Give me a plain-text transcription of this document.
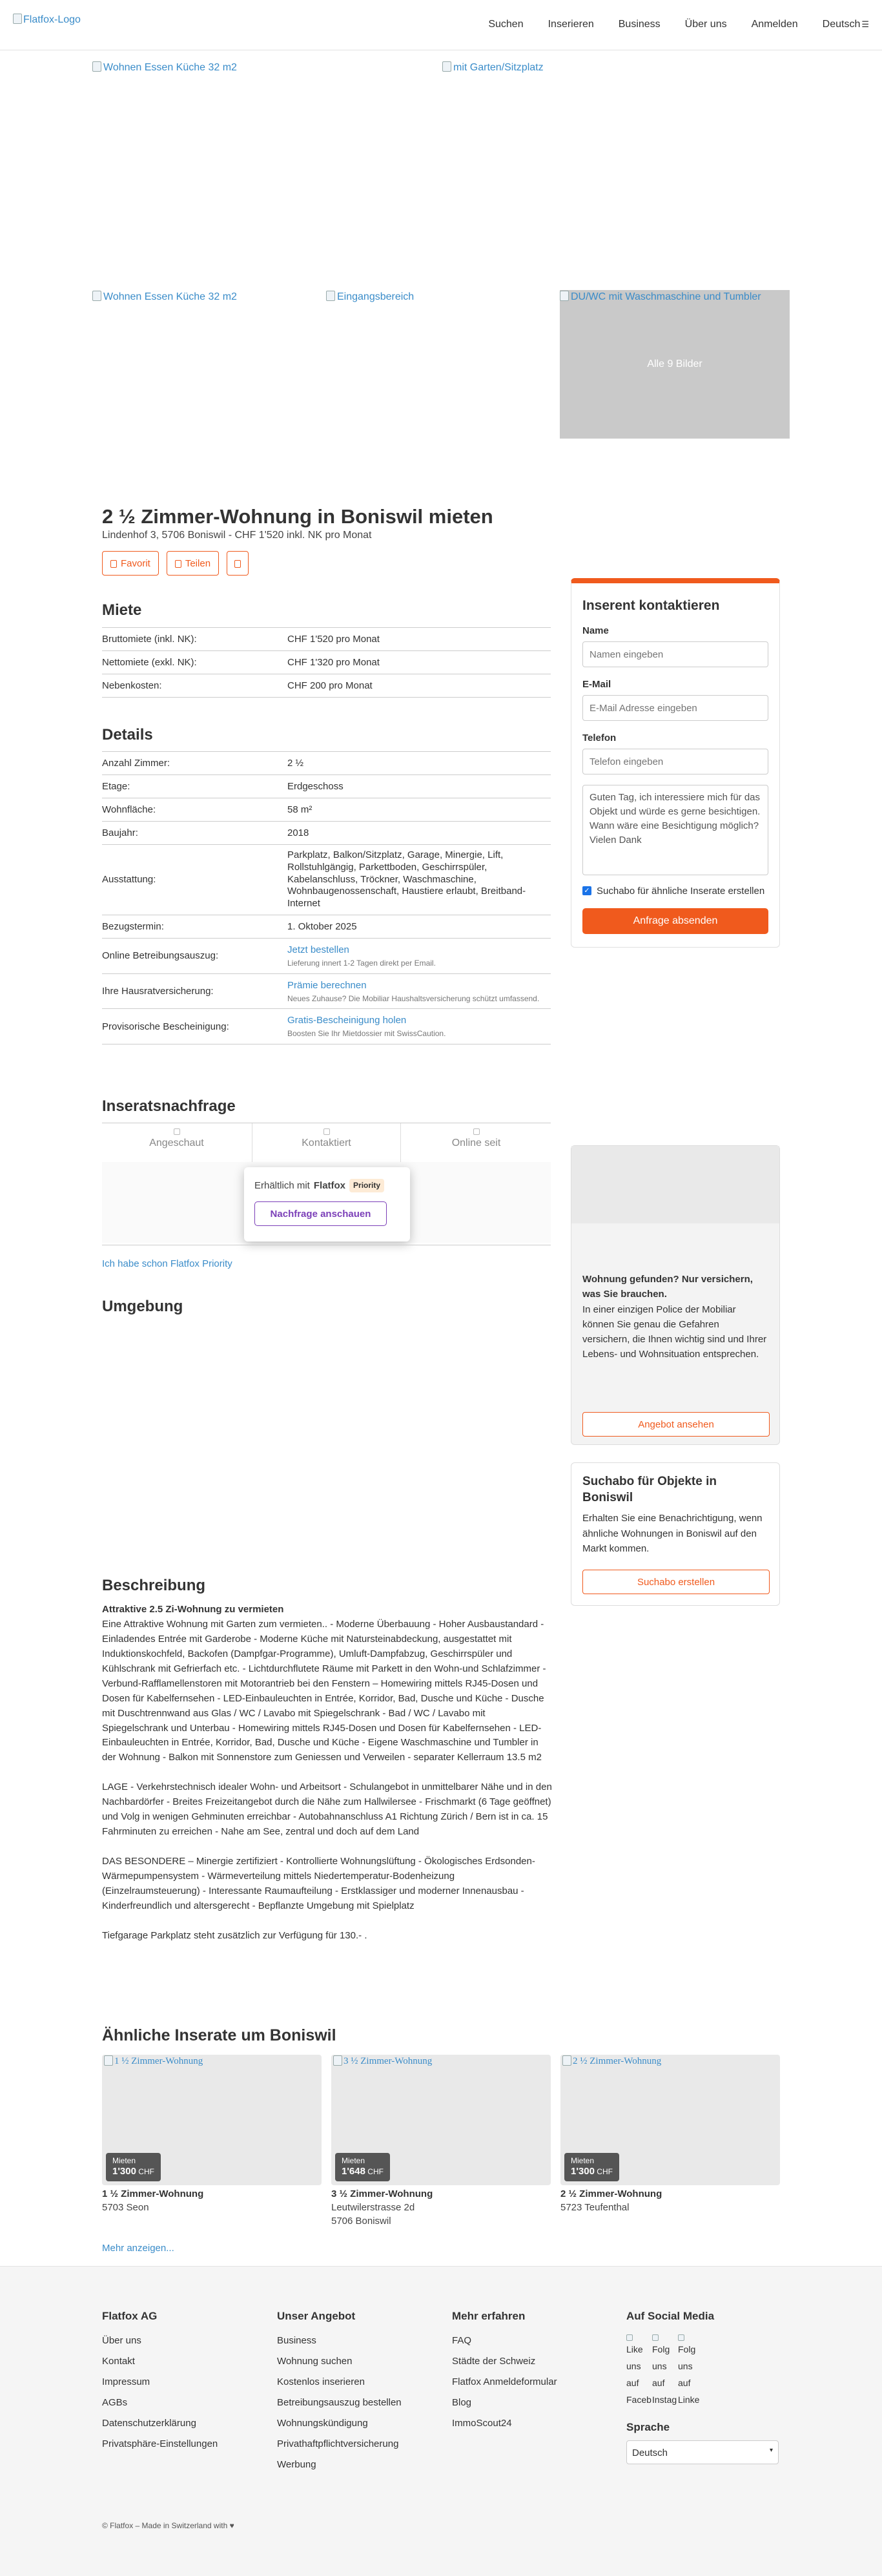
Flatfox-Logo	Suchen Inserieren Business Über uns Anmelden Deutsch ☰
Wohnen Essen Küche 32 m2	mit Garten/Sitzplatz
Wohnen Essen Küche 32 m2	Eingangsbereich	DU/WC mit Waschmaschine und Tumbler
Alle 9 Bilder
2 ½ Zimmer-Wohnung in Boniswil mieten
Lindenhof 3, 5706 Boniswil - CHF 1'520 inkl. NK pro Monat
Favorit	Teilen
Miete
Bruttomiete (inkl. NK):	CHF 1'520 pro Monat
Nettomiete (exkl. NK):	CHF 1'320 pro Monat
Nebenkosten:	CHF 200 pro Monat
Details
Anzahl Zimmer:	2 ½
Etage:	Erdgeschoss
Wohnfläche:	58 m²
Baujahr:	2018
Ausstattung:
Parkplatz, Balkon/Sitzplatz, Garage, Minergie, Lift, Rollstuhlgängig, Parkettboden, Geschirrspüler, Kabelanschluss, Tröckner, Waschmaschine, Wohnbaugenossenschaft, Haustiere erlaubt, Breitband-Internet
Bezugstermin:	1. Oktober 2025
Online Betreibungsauszug:
Jetzt bestellen
Lieferung innert 1-2 Tagen direkt per Email.
Ihre Hausratversicherung:
Prämie berechnen
Neues Zuhause? Die Mobiliar Haushaltsversicherung schützt umfassend.
Provisorische Bescheinigung:
Gratis-Bescheinigung holen
Boosten Sie Ihr Mietdossier mit SwissCaution.
Inserent kontaktieren
Name
Namen eingeben
E-Mail
E-Mail Adresse eingeben
Telefon
Telefon eingeben
Guten Tag, ich interessiere mich für das Objekt und würde es gerne besichtigen. Wann wäre eine Besichtigung möglich? Vielen Dank
✓ Suchabo für ähnliche Inserate erstellen
Anfrage absenden
Inseratsnachfrage
Angeschaut	Kontaktiert	Online seit
Erhältlich mit Flatfox	Priority
Nachfrage anschauen
Ich habe schon Flatfox Priority
Wohnung gefunden? Nur versichern, was Sie brauchen.
In einer einzigen Police der Mobiliar können Sie genau die Gefahren versichern, die Ihnen wichtig sind und Ihrer Lebens- und Wohnsituation entsprechen.
Angebot ansehen
Suchabo für Objekte in Boniswil

Erhalten Sie eine Benachrichtigung, wenn ähnliche Wohnungen in Boniswil auf den Markt kommen.

Suchabo erstellen
Umgebung
Beschreibung
Attraktive 2.5 Zi-Wohnung zu vermieten

Eine Attraktive Wohnung mit Garten zum vermieten.. - Moderne Überbauung - Hoher Ausbaustandard - Einladendes Entrée mit Garderobe - Moderne Küche mit Natursteinabdeckung, ausgestattet mit Induktionskochfeld, Backofen (Dampfgar-Programme), Umluft-Dampfabzug, Geschirrspüler und Kühlschrank mit Gefrierfach etc. - Lichtdurchflutete Räume mit Parkett in den Wohn-und Schlafzimmer - Verbund-Rafflamellenstoren mit Motorantrieb bei den Fenstern – Homewiring mittels RJ45-Dosen und Dosen für Kabelfernsehen - LED-Einbauleuchten in Entrée, Korridor, Bad, Dusche und Küche - Dusche mit Duschtrennwand aus Glas / WC / Lavabo mit Spiegelschrank - Bad / WC / Lavabo mit Spiegelschrank und Unterbau - Homewiring mittels RJ45-Dosen und Dosen für Kabelfernsehen - LED-Einbauleuchten in Entrée, Korridor, Bad, Dusche und Küche - Eigene Waschmaschine und Tumbler in der Wohnung - Balkon mit Sonnenstore zum Geniessen und Verweilen - separater Kellerraum 13.5 m2

LAGE - Verkehrstechnisch idealer Wohn- und Arbeitsort - Schulangebot in unmittelbarer Nähe und in den Nachbardörfer - Breites Freizeitangebot durch die Nähe zum Hallwilersee - Frischmarkt (6 Tage geöffnet) und Volg in wenigen Gehminuten erreichbar - Autobahnanschluss A1 Richtung Zürich / Bern ist in ca. 15 Fahrminuten zu erreichen - Nahe am See, zentral und doch auf dem Land

DAS BESONDERE – Minergie zertifiziert - Kontrollierte Wohnungslüftung - Ökologisches Erdsonden-Wärmepumpensystem - Wärmeverteilung mittels Niedertemperatur-Bodenheizung (Einzelraumsteuerung) - Interessante Raumaufteilung - Erstklassiger und moderner Innenausbau - Kinderfreundlich und altersgerecht - Bepflanzte Umgebung mit Spielplatz

Tiefgarage Parkplatz steht zusätzlich zur Verfügung für 130.- .

Ähnliche Inserate um Boniswil
1 ½ Zimmer-Wohnung
Mieten
1'300 CHF
1 ½ Zimmer-Wohnung
5703 Seon
3 ½ Zimmer-Wohnung
Mieten
1'648 CHF
3 ½ Zimmer-Wohnung
Leutwilerstrasse 2d
5706 Boniswil
2 ½ Zimmer-Wohnung
Mieten
1'300 CHF
2 ½ Zimmer-Wohnung
5723 Teufenthal
Mehr anzeigen...
Flatfox AG
Über uns
Kontakt
Impressum
AGBs
Datenschutzerklärung
Privatsphäre-Einstellungen
Unser Angebot
Business
Wohnung suchen
Kostenlos inserieren
Betreibungsauszug bestellen
Wohnungskündigung
Privathaftpflichtversicherung
Werbung
Mehr erfahren
FAQ
Städte der Schweiz
Flatfox Anmeldeformular
Blog
ImmoScout24
Auf Social Media
Like
uns
auf
Faceb
Folg
uns
auf
Instag
Folg
uns
auf
Linke
Sprache
Deutsch	▾
© Flatfox – Made in Switzerland with ♥
